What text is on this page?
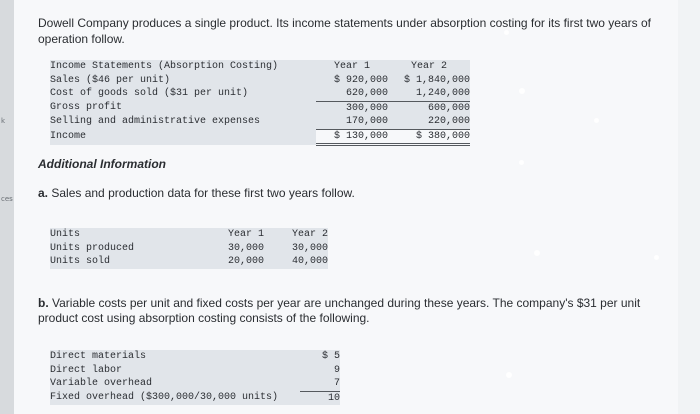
k
ces
Dowell Company produces a single product. Its income statements under absorption costing for its first two years of operation follow.
Income Statements (Absorption Costing)	Year 1	Year 2
Sales ($46 per unit)	$ 920,000	$ 1,840,000
Cost of goods sold ($31 per unit)	620,000	1,240,000
Gross profit	300,000	600,000
Selling and administrative expenses	170,000	220,000
Income	$ 130,000	$ 380,000
Additional Information
a. Sales and production data for these first two years follow.
Units	Year 1	Year 2
Units produced	30,000	30,000
Units sold	20,000	40,000
b. Variable costs per unit and fixed costs per year are unchanged during these years. The company's $31 per unit product cost using absorption costing consists of the following.
Direct materials	$ 5
Direct labor	9
Variable overhead	7
Fixed overhead ($300,000/30,000 units)	10
